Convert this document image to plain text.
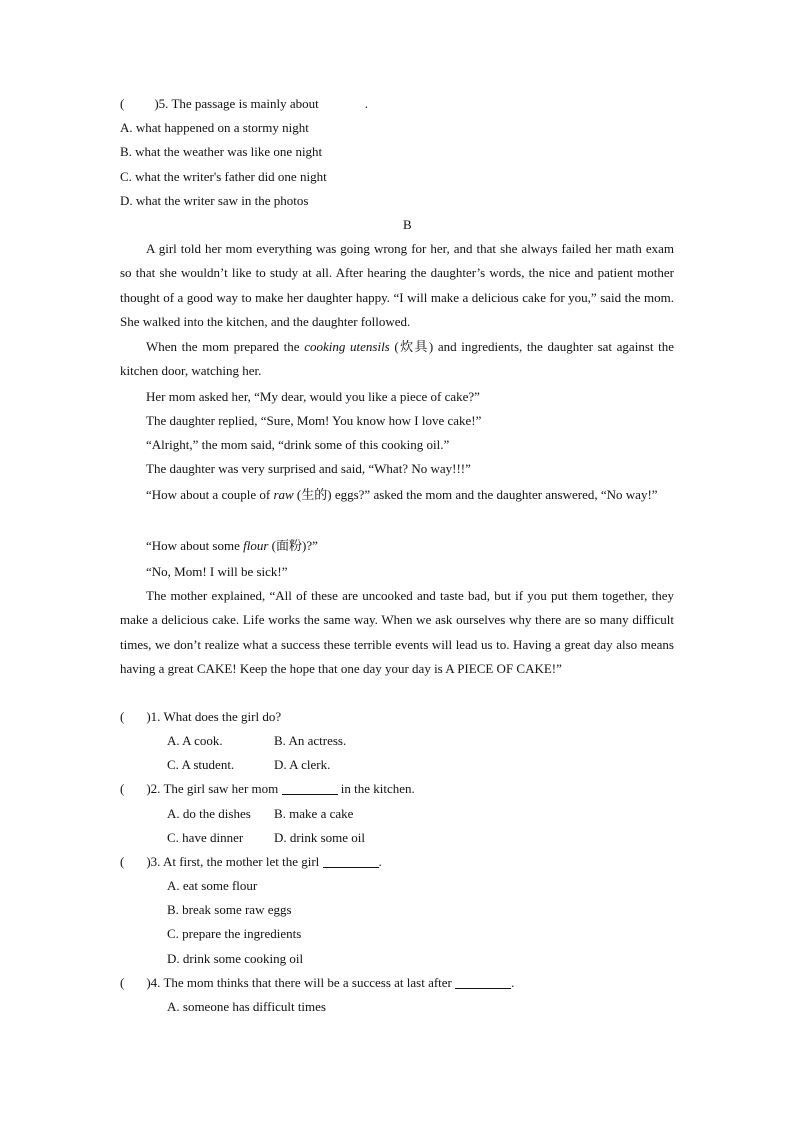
( )5. The passage is mainly about	.
A. what happened on a stormy night
B. what the weather was like one night
C. what the writer's father did one night
D. what the writer saw in the photos
B
A girl told her mom everything was going wrong for her, and that she always failed her math exam so that she wouldn’t like to study at all. After hearing the daughter’s words, the nice and patient mother thought of a good way to make her daughter happy. “I will make a delicious cake for you,” said the mom. She walked into the kitchen, and the daughter followed.
When the mom prepared the cooking utensils (炊具) and ingredients, the daughter sat against the kitchen door, watching her.
Her mom asked her, “My dear, would you like a piece of cake?”
The daughter replied, “Sure, Mom! You know how I love cake!”
“Alright,” the mom said, “drink some of this cooking oil.”
The daughter was very surprised and said, “What? No way!!!”
“How about a couple of raw (生的) eggs?” asked the mom and the daughter answered, “No way!”
“How about some flour (面粉)?”
“No, Mom! I will be sick!”
The mother explained, “All of these are uncooked and taste bad, but if you put them together, they make a delicious cake. Life works the same way. When we ask ourselves why there are so many difficult times, we don’t realize what a success these terrible events will lead us to. Having a great day also means having a great CAKE! Keep the hope that one day your day is A PIECE OF CAKE!”
( )1. What does the girl do?
A. A cook.	B. An actress.
C. A student.	D. A clerk.
( )2. The girl saw her mom	in the kitchen.
A. do the dishes B. make a cake
C. have dinner D. drink some oil
( )3. At first, the mother let the girl	.
A. eat some flour
B. break some raw eggs
C. prepare the ingredients
D. drink some cooking oil
( )4. The mom thinks that there will be a success at last after	.
A. someone has difficult times
